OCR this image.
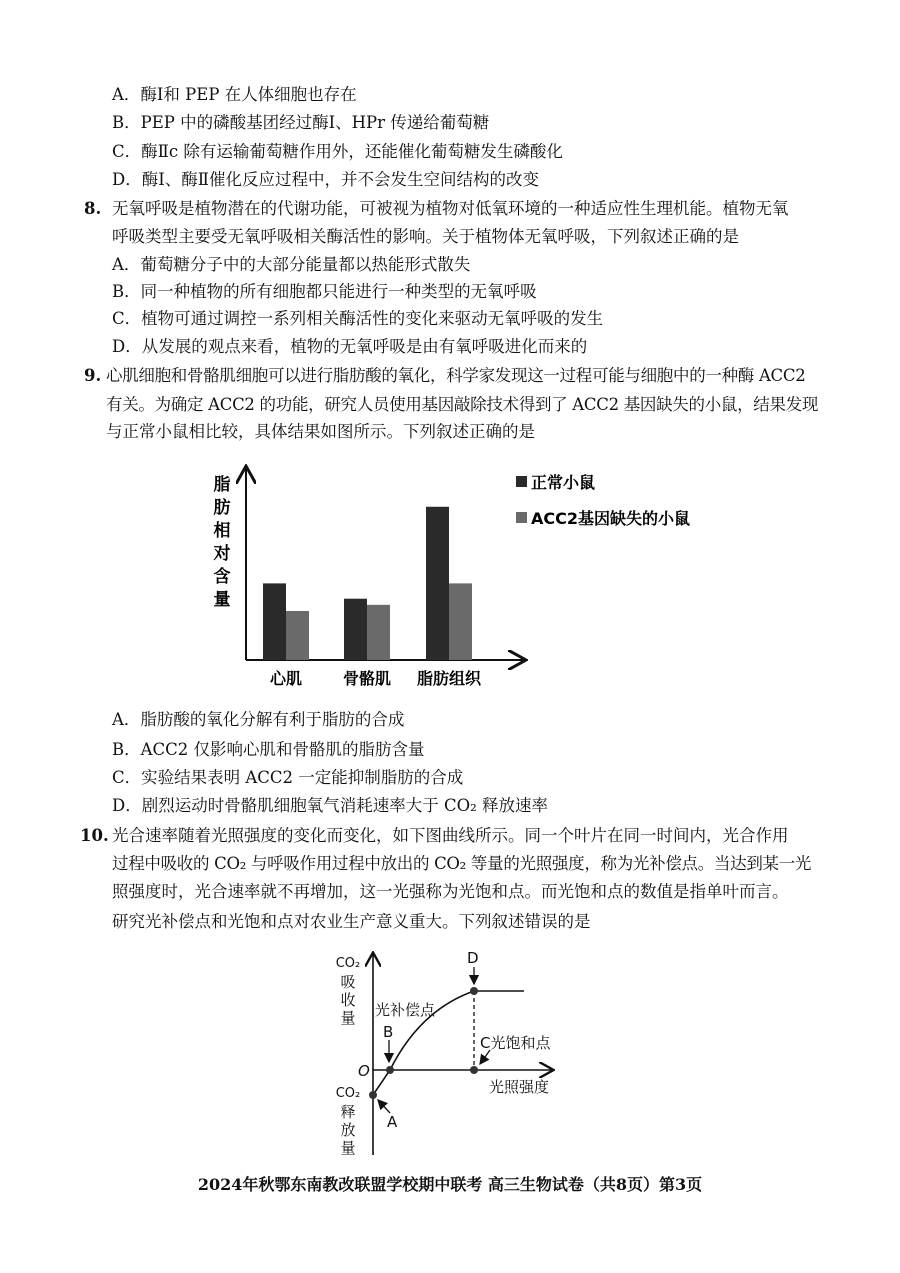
A．酶Ⅰ和 PEP 在人体细胞也存在
B．PEP 中的磷酸基团经过酶Ⅰ、HPr 传递给葡萄糖
C．酶Ⅱc 除有运输葡萄糖作用外，还能催化葡萄糖发生磷酸化
D．酶Ⅰ、酶Ⅱ催化反应过程中，并不会发生空间结构的改变
8. 无氧呼吸是植物潜在的代谢功能，可被视为植物对低氧环境的一种适应性生理机能。植物无氧
呼吸类型主要受无氧呼吸相关酶活性的影响。关于植物体无氧呼吸，下列叙述正确的是
A．葡萄糖分子中的大部分能量都以热能形式散失
B．同一种植物的所有细胞都只能进行一种类型的无氧呼吸
C．植物可通过调控一系列相关酶活性的变化来驱动无氧呼吸的发生
D．从发展的观点来看，植物的无氧呼吸是由有氧呼吸进化而来的
9. 心肌细胞和骨骼肌细胞可以进行脂肪酸的氧化，科学家发现这一过程可能与细胞中的一种酶 ACC2
有关。为确定 ACC2 的功能，研究人员使用基因敲除技术得到了 ACC2 基因缺失的小鼠，结果发现
与正常小鼠相比较，具体结果如图所示。下列叙述正确的是
脂肪相对含量
心肌	骨骼肌 脂肪组织
正常小鼠
ACC2基因缺失的小鼠
A．脂肪酸的氧化分解有利于脂肪的合成
B．ACC2 仅影响心肌和骨骼肌的脂肪含量
C．实验结果表明 ACC2 一定能抑制脂肪的合成
D．剧烈运动时骨骼肌细胞氧气消耗速率大于 CO₂ 释放速率
10. 光合速率随着光照强度的变化而变化，如下图曲线所示。同一个叶片在同一时间内，光合作用
过程中吸收的 CO₂ 与呼吸作用过程中放出的 CO₂ 等量的光照强度，称为光补偿点。当达到某一光
照强度时，光合速率就不再增加，这一光强称为光饱和点。而光饱和点的数值是指单叶而言。
研究光补偿点和光饱和点对农业生产意义重大。下列叙述错误的是
CO₂
吸
收
量
CO₂
释
放
量
O
光补偿点
B
D
C光饱和点
光照强度
A
2024年秋鄂东南教改联盟学校期中联考 高三生物试卷（共8页）第3页
